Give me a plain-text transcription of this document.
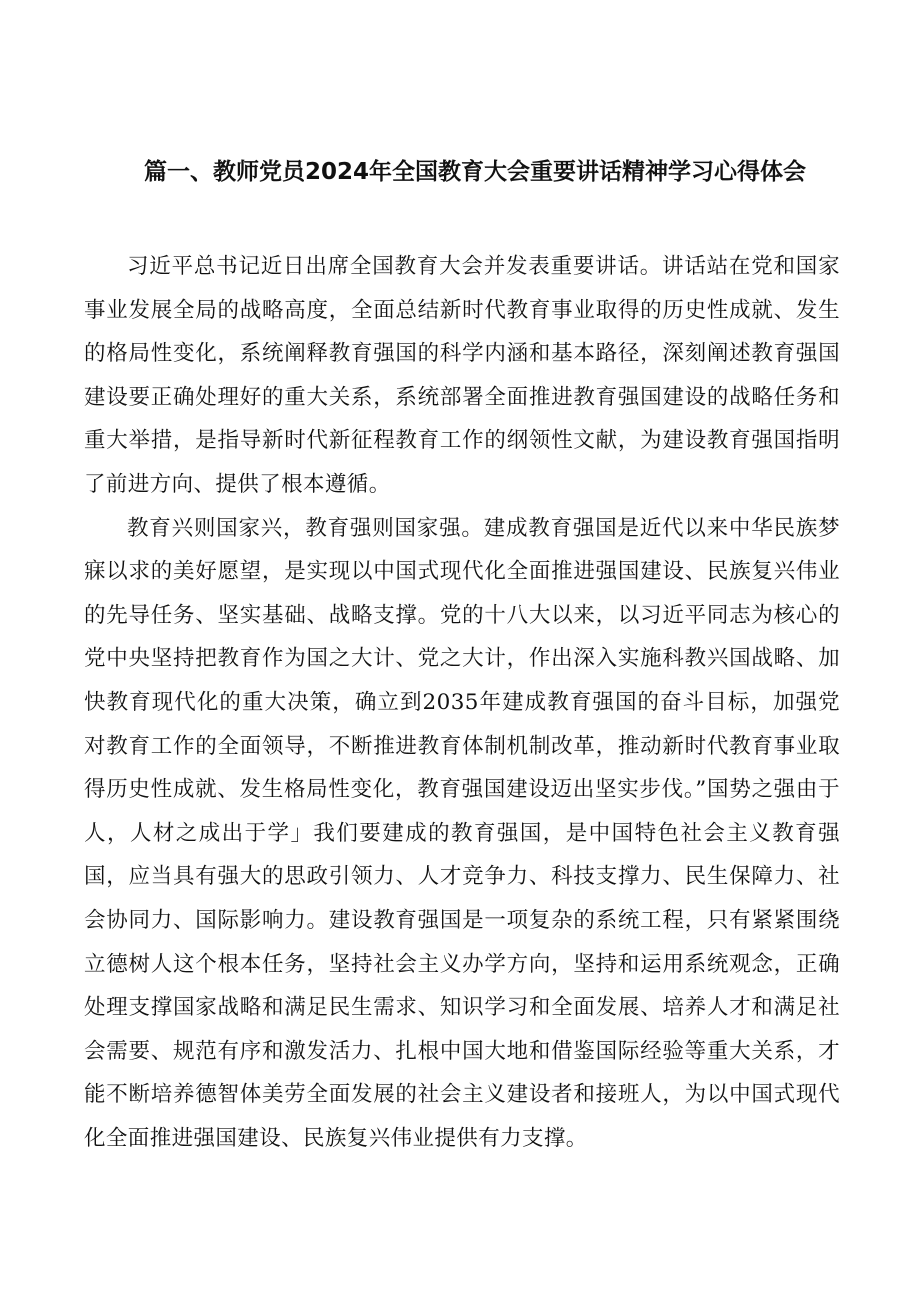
篇一、教师党员2024年全国教育大会重要讲话精神学习心得体会

习近平总书记近日出席全国教育大会并发表重要讲话。讲话站在党和国家事业发展全局的战略高度，全面总结新时代教育事业取得的历史性成就、发生的格局性变化，系统阐释教育强国的科学内涵和基本路径，深刻阐述教育强国建设要正确处理好的重大关系，系统部署全面推进教育强国建设的战略任务和重大举措，是指导新时代新征程教育工作的纲领性文献，为建设教育强国指明了前进方向、提供了根本遵循。

教育兴则国家兴，教育强则国家强。建成教育强国是近代以来中华民族梦寐以求的美好愿望，是实现以中国式现代化全面推进强国建设、民族复兴伟业的先导任务、坚实基础、战略支撑。党的十八大以来，以习近平同志为核心的党中央坚持把教育作为国之大计、党之大计，作出深入实施科教兴国战略、加快教育现代化的重大决策，确立到2035年建成教育强国的奋斗目标，加强党对教育工作的全面领导，不断推进教育体制机制改革，推动新时代教育事业取得历史性成就、发生格局性变化，教育强国建设迈出坚实步伐。”国势之强由于人，人材之成出于学」我们要建成的教育强国，是中国特色社会主义教育强国，应当具有强大的思政引领力、人才竞争力、科技支撑力、民生保障力、社会协同力、国际影响力。建设教育强国是一项复杂的系统工程，只有紧紧围绕立德树人这个根本任务，坚持社会主义办学方向，坚持和运用系统观念，正确处理支撑国家战略和满足民生需求、知识学习和全面发展、培养人才和满足社会需要、规范有序和激发活力、扎根中国大地和借鉴国际经验等重大关系，才能不断培养德智体美劳全面发展的社会主义建设者和接班人，为以中国式现代化全面推进强国建设、民族复兴伟业提供有力支撑。
